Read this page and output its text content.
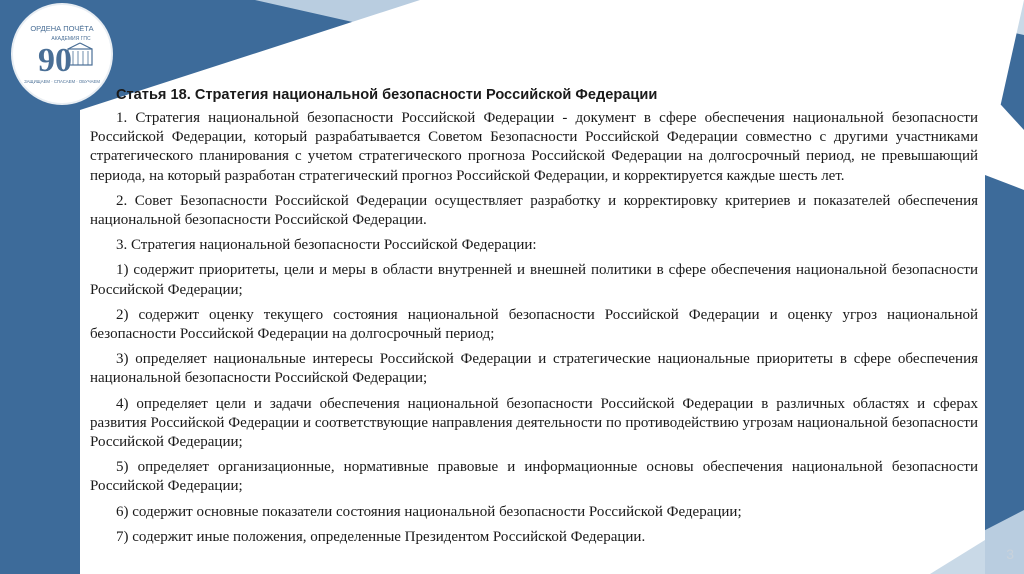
ОРДЕНА ПОЧЁТА
АКАДЕМИЯ ГПС
90
ЗАЩИЩАЕМ · СПАСАЕМ · ОБУЧАЕМ
Статья 18. Стратегия национальной безопасности Российской Федерации

1. Стратегия национальной безопасности Российской Федерации - документ в сфере обеспечения национальной безопасности Российской Федерации, который разрабатывается Советом Безопасности Российской Федерации совместно с другими участниками стратегического планирования с учетом стратегического прогноза Российской Федерации на долгосрочный период, не превышающий периода, на который разработан стратегический прогноз Российской Федерации, и корректируется каждые шесть лет.

2. Совет Безопасности Российской Федерации осуществляет разработку и корректировку критериев и показателей обеспечения национальной безопасности Российской Федерации.

3. Стратегия национальной безопасности Российской Федерации:

1) содержит приоритеты, цели и меры в области внутренней и внешней политики в сфере обеспечения национальной безопасности Российской Федерации;

2) содержит оценку текущего состояния национальной безопасности Российской Федерации и оценку угроз национальной безопасности Российской Федерации на долгосрочный период;

3) определяет национальные интересы Российской Федерации и стратегические национальные приоритеты в сфере обеспечения национальной безопасности Российской Федерации;

4) определяет цели и задачи обеспечения национальной безопасности Российской Федерации в различных областях и сферах развития Российской Федерации и соответствующие направления деятельности по противодействию угрозам национальной безопасности Российской Федерации;

5) определяет организационные, нормативные правовые и информационные основы обеспечения национальной безопасности Российской Федерации;

6) содержит основные показатели состояния национальной безопасности Российской Федерации;

7) содержит иные положения, определенные Президентом Российской Федерации.

3
